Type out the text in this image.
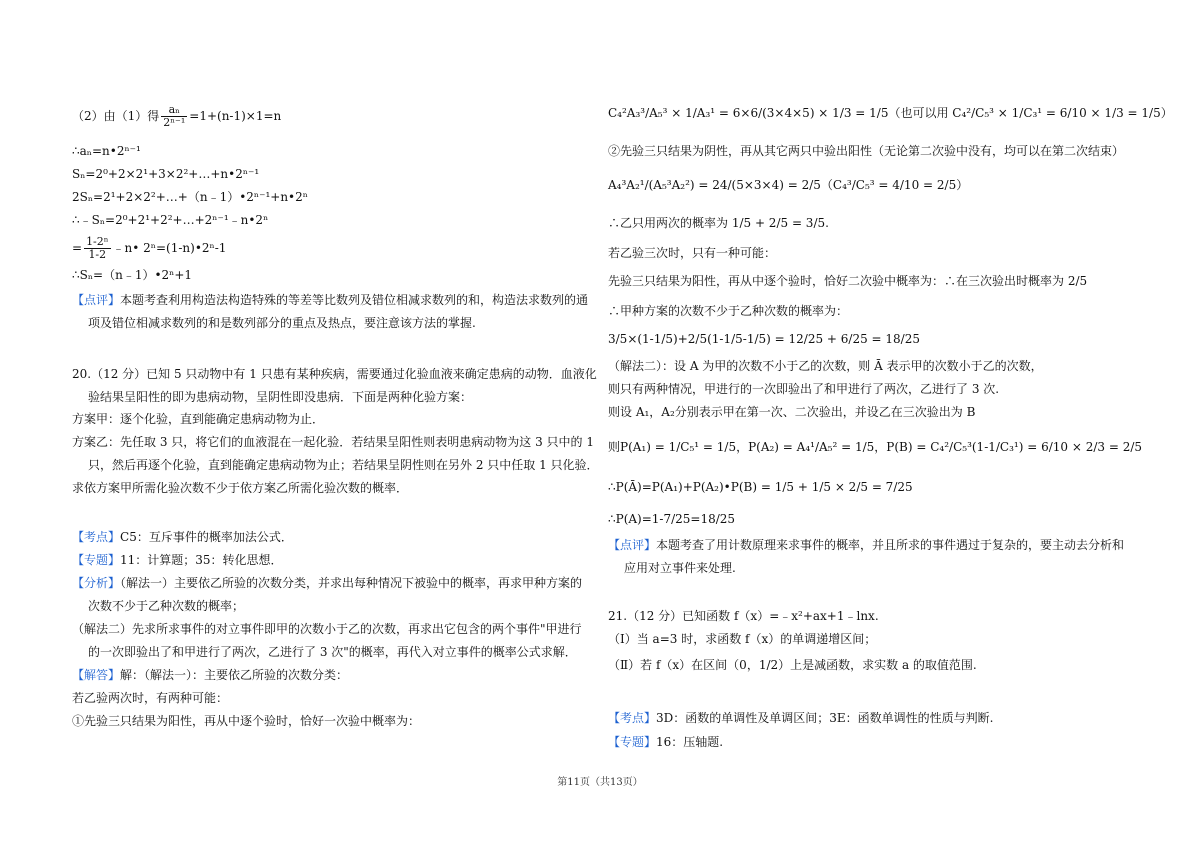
（2）由（1）得 $\frac{\text{aₙ}}{\text{2ⁿ⁻¹}} =1+(n-1)\times 1=n$
∴aₙ=n•2ⁿ⁻¹
Sₙ=2⁰+2×2¹+3×2²+…+n•2ⁿ⁻¹
2Sₙ=2¹+2×2²+…+（n﹣1）•2ⁿ⁻¹+n•2ⁿ
∴﹣Sₙ=2⁰+2¹+2²+…+2ⁿ⁻¹﹣n•2ⁿ
= $\frac{\text{1-2ⁿ}}{1-2}$ ﹣n• 2ⁿ=(1-n)•2ⁿ-1
∴Sₙ=（n﹣1）•2ⁿ+1
【点评】本题考查利用构造法构造特殊的等差等比数列及错位相减求数列的和，构造法求数列的通
项及错位相减求数列的和是数列部分的重点及热点，要注意该方法的掌握.
20.（12 分）已知 5 只动物中有 1 只患有某种疾病，需要通过化验血液来确定患病的动物．血液化
验结果呈阳性的即为患病动物，呈阴性即没患病．下面是两种化验方案：
方案甲：逐个化验，直到能确定患病动物为止．
方案乙：先任取 3 只，将它们的血液混在一起化验．若结果呈阳性则表明患病动物为这 3 只中的 1
只，然后再逐个化验，直到能确定患病动物为止；若结果呈阴性则在另外 2 只中任取 1 只化验．
求依方案甲所需化验次数不少于依方案乙所需化验次数的概率．
【考点】C5：互斥事件的概率加法公式．
【专题】11：计算题；35：转化思想．
【分析】（解法一）主要依乙所验的次数分类，并求出每种情况下被验中的概率，再求甲种方案的
次数不少于乙种次数的概率；
（解法二）先求所求事件的对立事件即甲的次数小于乙的次数，再求出它包含的两个事件"甲进行
的一次即验出了和甲进行了两次，乙进行了 3 次"的概率，再代入对立事件的概率公式求解．
【解答】解：（解法一）：主要依乙所验的次数分类：
若乙验两次时，有两种可能：
①先验三只结果为阳性，再从中逐个验时，恰好一次验中概率为：
C₄²A₃³/A₅³ × 1/A₃¹ = 6×6/(3×4×5) × 1/3 = 1/5（也可以用 C₄²/C₅³ × 1/C₃¹ = 6/10 × 1/3 = 1/5）
②先验三只结果为阴性，再从其它两只中验出阳性（无论第二次验中没有，均可以在第二次结束）
A₄³A₂¹/(A₅³A₂²) = 24/(5×3×4) = 2/5（C₄³/C₅³ = 4/10 = 2/5）
∴乙只用两次的概率为 1/5 + 2/5 = 3/5.
若乙验三次时，只有一种可能：
先验三只结果为阳性，再从中逐个验时，恰好二次验中概率为：∴在三次验出时概率为 2/5
∴甲种方案的次数不少于乙种次数的概率为：
3/5×(1-1/5)+2/5(1-1/5-1/5) = 12/25 + 6/25 = 18/25
（解法二）：设 A 为甲的次数不小于乙的次数，则 Ā 表示甲的次数小于乙的次数，
则只有两种情况，甲进行的一次即验出了和甲进行了两次，乙进行了 3 次.
则设 A₁，A₂分别表示甲在第一次、二次验出，并设乙在三次验出为 B
则P(A₁) = 1/C₅¹ = 1/5，P(A₂) = A₄¹/A₅² = 1/5，P(B) = C₄²/C₅³(1-1/C₃¹) = 6/10 × 2/3 = 2/5
∴P(Ā)=P(A₁)+P(A₂)•P(B) = 1/5 + 1/5 × 2/5 = 7/25
∴P(A)=1-7/25=18/25
【点评】本题考查了用计数原理来求事件的概率，并且所求的事件遇过于复杂的，要主动去分析和
应用对立事件来处理.
21.（12 分）已知函数 f（x）=﹣x²+ax+1﹣lnx.
（Ⅰ）当 a=3 时，求函数 f（x）的单调递增区间；
（Ⅱ）若 f（x）在区间（0，1/2）上是减函数，求实数 a 的取值范围.
【考点】3D：函数的单调性及单调区间；3E：函数单调性的性质与判断.
【专题】16：压轴题.
第11页（共13页）
